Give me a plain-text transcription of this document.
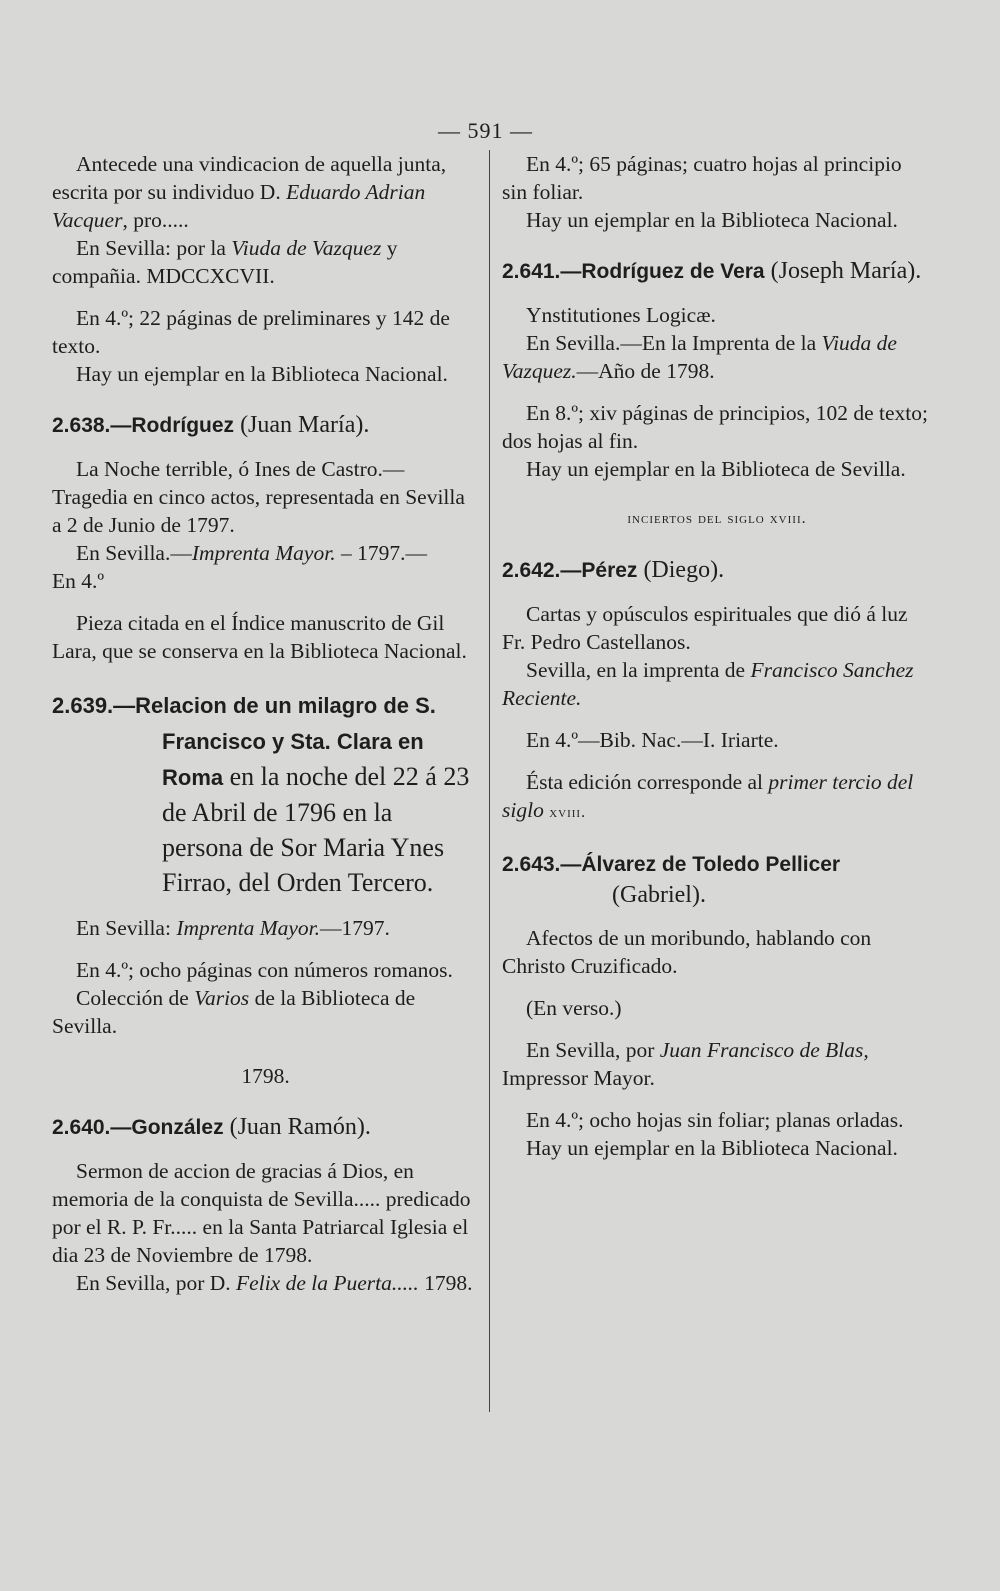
— 591 —

Antecede una vindicacion de aquella junta, escrita por su individuo D. Eduardo Adrian Vacquer, pro.....

En Sevilla: por la Viuda de Vazquez y compañia. MDCCXCVII.

En 4.º; 22 páginas de preliminares y 142 de texto.

Hay un ejemplar en la Biblioteca Nacional.

2.638.—Rodríguez (Juan María).

La Noche terrible, ó Ines de Castro.—Tragedia en cinco actos, representada en Sevilla a 2 de Junio de 1797.

En Sevilla.—Imprenta Mayor. – 1797.—

En 4.º

Pieza citada en el Índice manuscrito de Gil Lara, que se conserva en la Biblioteca Nacional.

2.639.—Relacion de un milagro de S. Francisco y Sta. Clara en Roma en la noche del 22 á 23 de Abril de 1796 en la persona de Sor Maria Ynes Firrao, del Orden Tercero.

En Sevilla: Imprenta Mayor.—1797.

En 4.º; ocho páginas con números romanos.

Colección de Varios de la Biblioteca de Sevilla.

1798.

2.640.—González (Juan Ramón).

Sermon de accion de gracias á Dios, en memoria de la conquista de Sevilla..... predicado por el R. P. Fr..... en la Santa Patriarcal Iglesia el dia 23 de Noviembre de 1798.

En Sevilla, por D. Felix de la Puerta..... 1798.

En 4.º; 65 páginas; cuatro hojas al principio sin foliar.

Hay un ejemplar en la Biblioteca Nacional.

2.641.—Rodríguez de Vera (Joseph María).

Ynstitutiones Logicæ.

En Sevilla.—En la Imprenta de la Viuda de Vazquez.—Año de 1798.

En 8.º; xiv páginas de principios, 102 de texto; dos hojas al fin.

Hay un ejemplar en la Biblioteca de Sevilla.

inciertos del siglo xviii.

2.642.—Pérez (Diego).

Cartas y opúsculos espirituales que dió á luz Fr. Pedro Castellanos.

Sevilla, en la imprenta de Francisco Sanchez Reciente.

En 4.º—Bib. Nac.—I. Iriarte.

Ésta edición corresponde al primer tercio del siglo xviii.

2.643.—Álvarez de Toledo Pellicer (Gabriel).

Afectos de un moribundo, hablando con Christo Cruzificado.

(En verso.)

En Sevilla, por Juan Francisco de Blas, Impressor Mayor.

En 4.º; ocho hojas sin foliar; planas orladas.

Hay un ejemplar en la Biblioteca Nacional.
